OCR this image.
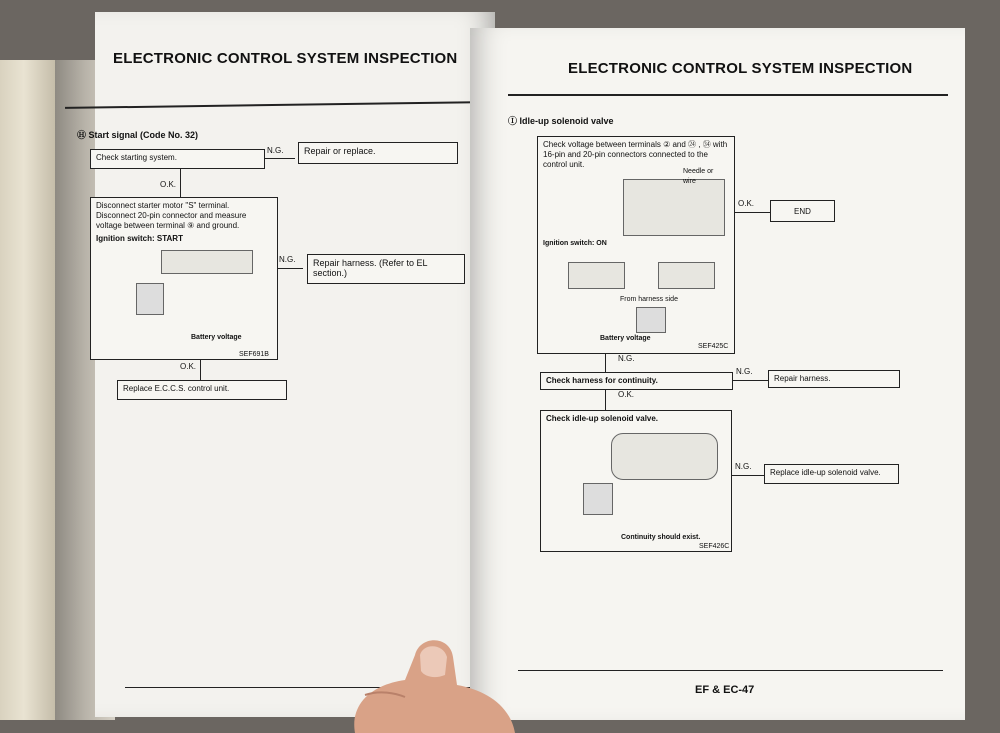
ELECTRONIC CONTROL SYSTEM INSPECTION
Ⓗ Start signal (Code No. 32)
Check starting system.
N.G.	Repair or replace.
O.K.
Disconnect starter motor "S" terminal. Disconnect 20-pin connector and measure voltage between terminal ⑨ and ground.
Ignition switch: START
Battery voltage
SEF691B
N.G.	Repair harness. (Refer to EL section.)
O.K.
Replace E.C.C.S. control unit.
ELECTRONIC CONTROL SYSTEM INSPECTION
Ⓘ Idle-up solenoid valve
Check voltage between terminals ② and ㉔ , ㉞ with 16-pin and 20-pin connectors connected to the control unit.
Needle or wire
Ignition switch: ON
From harness side
Battery voltage
SEF425C
O.K.
END
N.G.
Check harness for continuity.
N.G.
Repair harness.
O.K.
Check idle-up solenoid valve.
Continuity should exist.
SEF426C
N.G.
Replace idle-up solenoid valve.
EF & EC-47
